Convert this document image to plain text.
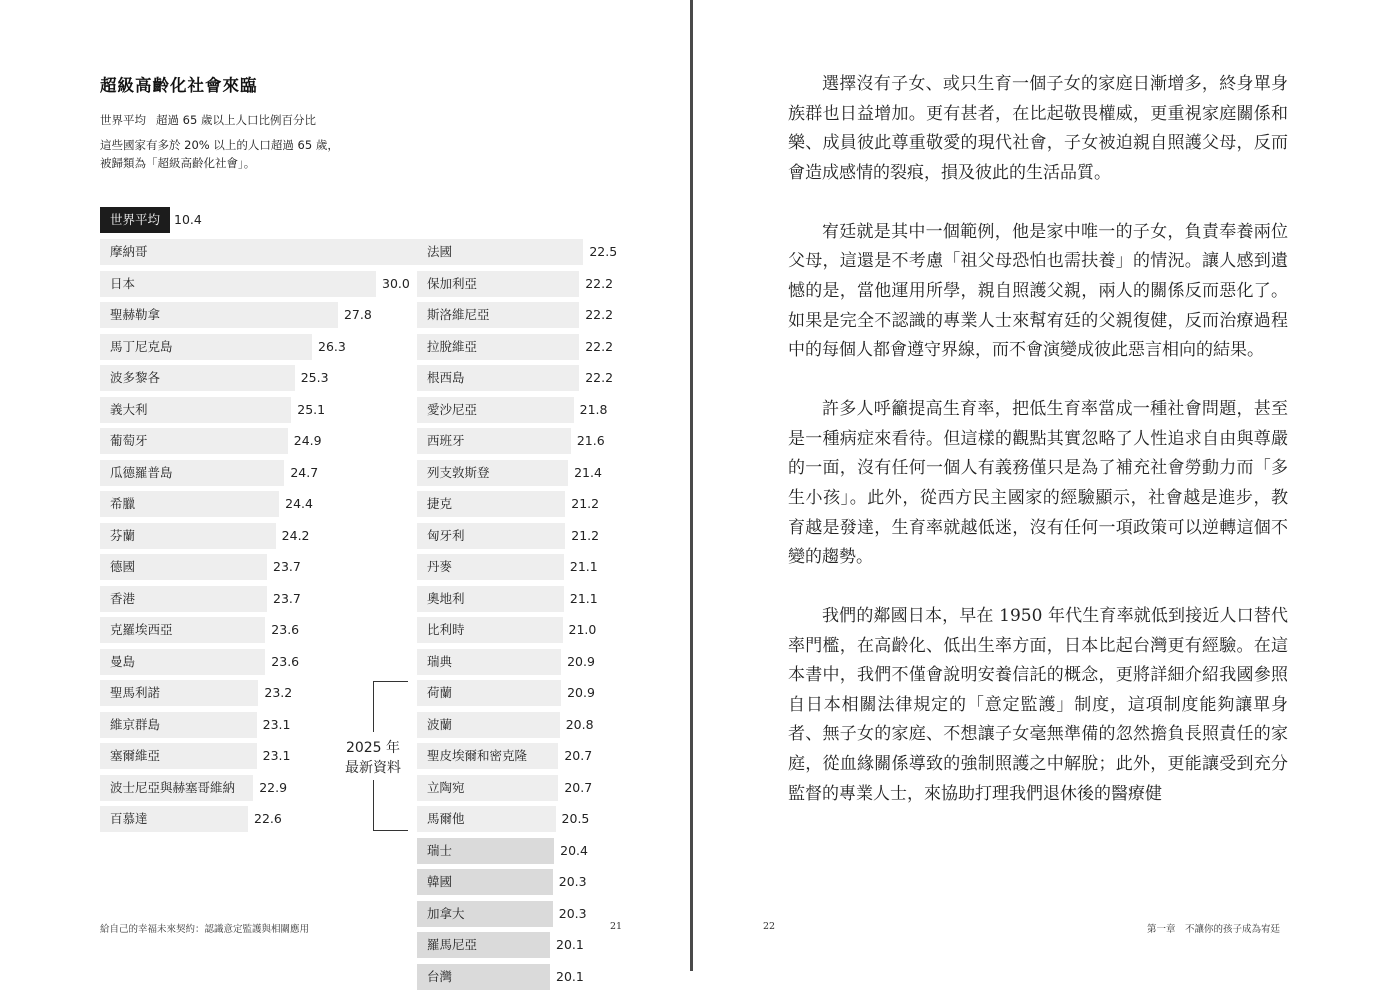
超級高齡化社會來臨
世界平均 超過 65 歲以上人口比例百分比
這些國家有多於 20% 以上的人口超過 65 歲，
被歸類為「超級高齡化社會」。
世界平均	10.4
摩納哥
日本	30.0
聖赫勒拿	27.8
馬丁尼克島	26.3
波多黎各	25.3
義大利	25.1
葡萄牙	24.9
瓜德羅普島	24.7
希臘	24.4
芬蘭	24.2
德國	23.7
香港	23.7
克羅埃西亞	23.6
曼島	23.6
聖馬利諾	23.2
維京群島	23.1
塞爾維亞	23.1
波士尼亞與赫塞哥維納	22.9
百慕達	22.6
法國	22.5
保加利亞	22.2
斯洛維尼亞	22.2
拉脫維亞	22.2
根西島	22.2
愛沙尼亞	21.8
西班牙	21.6
列支敦斯登	21.4
捷克	21.2
匈牙利	21.2
丹麥	21.1
奧地利	21.1
比利時	21.0
瑞典	20.9
荷蘭	20.9
波蘭	20.8
聖皮埃爾和密克隆	20.7
立陶宛	20.7
馬爾他	20.5
瑞士	20.4
韓國	20.3
加拿大	20.3
羅馬尼亞	20.1
台灣	20.1
2025 年
最新資料
給自己的幸福未來契約：認識意定監護與相關應用	21	22	第一章　不讓你的孩子成為宥廷

選擇沒有子女、或只生育一個子女的家庭日漸增多，終身單身族群也日益增加。更有甚者，在比起敬畏權威，更重視家庭關係和樂、成員彼此尊重敬愛的現代社會，子女被迫親自照護父母，反而會造成感情的裂痕，損及彼此的生活品質。

宥廷就是其中一個範例，他是家中唯一的子女，負責奉養兩位父母，這還是不考慮「祖父母恐怕也需扶養」的情況。讓人感到遺憾的是，當他運用所學，親自照護父親，兩人的關係反而惡化了。如果是完全不認識的專業人士來幫宥廷的父親復健，反而治療過程中的每個人都會遵守界線，而不會演變成彼此惡言相向的結果。

許多人呼籲提高生育率，把低生育率當成一種社會問題，甚至是一種病症來看待。但這樣的觀點其實忽略了人性追求自由與尊嚴的一面，沒有任何一個人有義務僅只是為了補充社會勞動力而「多生小孩」。此外，從西方民主國家的經驗顯示，社會越是進步，教育越是發達，生育率就越低迷，沒有任何一項政策可以逆轉這個不變的趨勢。

我們的鄰國日本，早在 1950 年代生育率就低到接近人口替代率門檻，在高齡化、低出生率方面，日本比起台灣更有經驗。在這本書中，我們不僅會說明安養信託的概念，更將詳細介紹我國參照自日本相關法律規定的「意定監護」制度，這項制度能夠讓單身者、無子女的家庭、不想讓子女毫無準備的忽然擔負長照責任的家庭，從血緣關係導致的強制照護之中解脫；此外，更能讓受到充分監督的專業人士，來協助打理我們退休後的醫療健
